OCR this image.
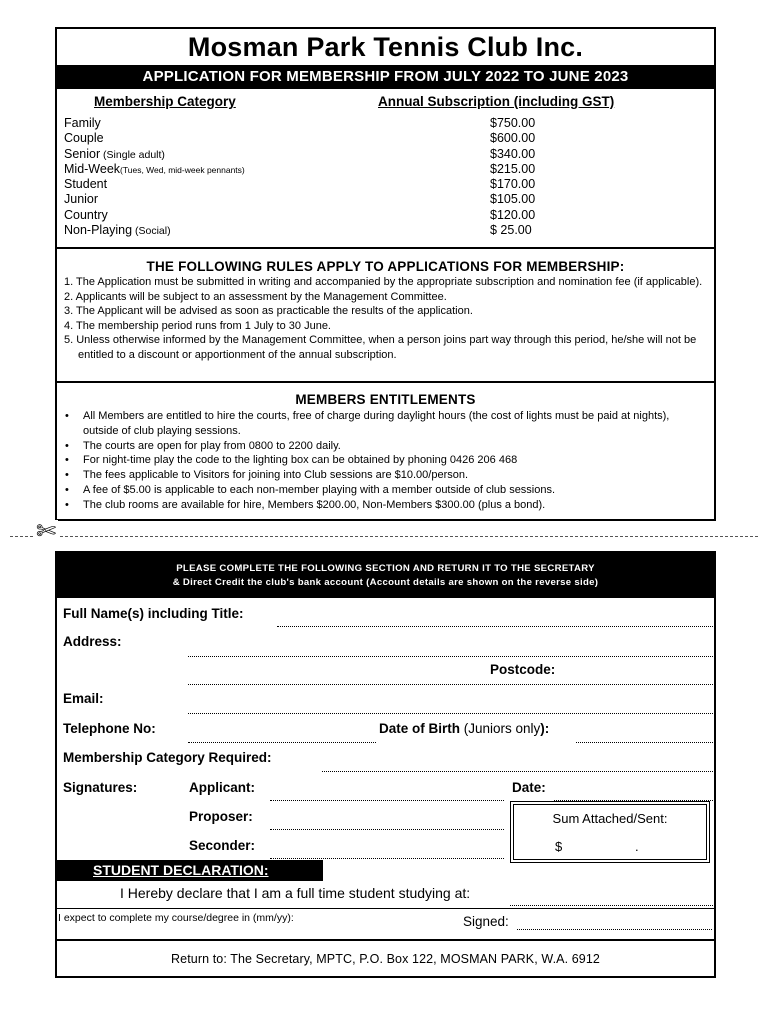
Mosman Park Tennis Club Inc.
APPLICATION FOR MEMBERSHIP FROM JULY 2022 TO JUNE 2023
Membership Category	Annual Subscription (including GST)
Family	$750.00
Couple	$600.00
Senior (Single adult)	$340.00
Mid-Week(Tues, Wed, mid-week pennants)	$215.00
Student	$170.00
Junior	$105.00
Country	$120.00
Non-Playing (Social)	$ 25.00
THE FOLLOWING RULES APPLY TO APPLICATIONS FOR MEMBERSHIP:
1. The Application must be submitted in writing and accompanied by the appropriate subscription and nomination fee (if applicable).
2. Applicants will be subject to an assessment by the Management Committee.
3. The Applicant will be advised as soon as practicable the results of the application.
4. The membership period runs from 1 July to 30 June.
5. Unless otherwise informed by the Management Committee, when a person joins part way through this period, he/she will not be entitled to a discount or apportionment of the annual subscription.
MEMBERS ENTITLEMENTS
• All Members are entitled to hire the courts, free of charge during daylight hours (the cost of lights must be paid at nights), outside of club playing sessions.
• The courts are open for play from 0800 to 2200 daily.
• For night-time play the code to the lighting box can be obtained by phoning 0426 206 468
• The fees applicable to Visitors for joining into Club sessions are $10.00/person.
• A fee of $5.00 is applicable to each non-member playing with a member outside of club sessions.
• The club rooms are available for hire, Members $200.00, Non-Members $300.00 (plus a bond).
✄
PLEASE COMPLETE THE FOLLOWING SECTION AND RETURN IT TO THE SECRETARY
& Direct Credit the club's bank account (Account details are shown on the reverse side)
Full Name(s) including Title:
Address:
Postcode:
Email:
Telephone No:	Date of Birth (Juniors only):
Membership Category Required:
Signatures:	Applicant:	Date:
Proposer:
Seconder:
Sum Attached/Sent:
$	.
STUDENT DECLARATION:
I Hereby declare that I am a full time student studying at:
I expect to complete my course/degree in (mm/yy):	Signed:
Return to: The Secretary, MPTC, P.O. Box 122, MOSMAN PARK, W.A. 6912
